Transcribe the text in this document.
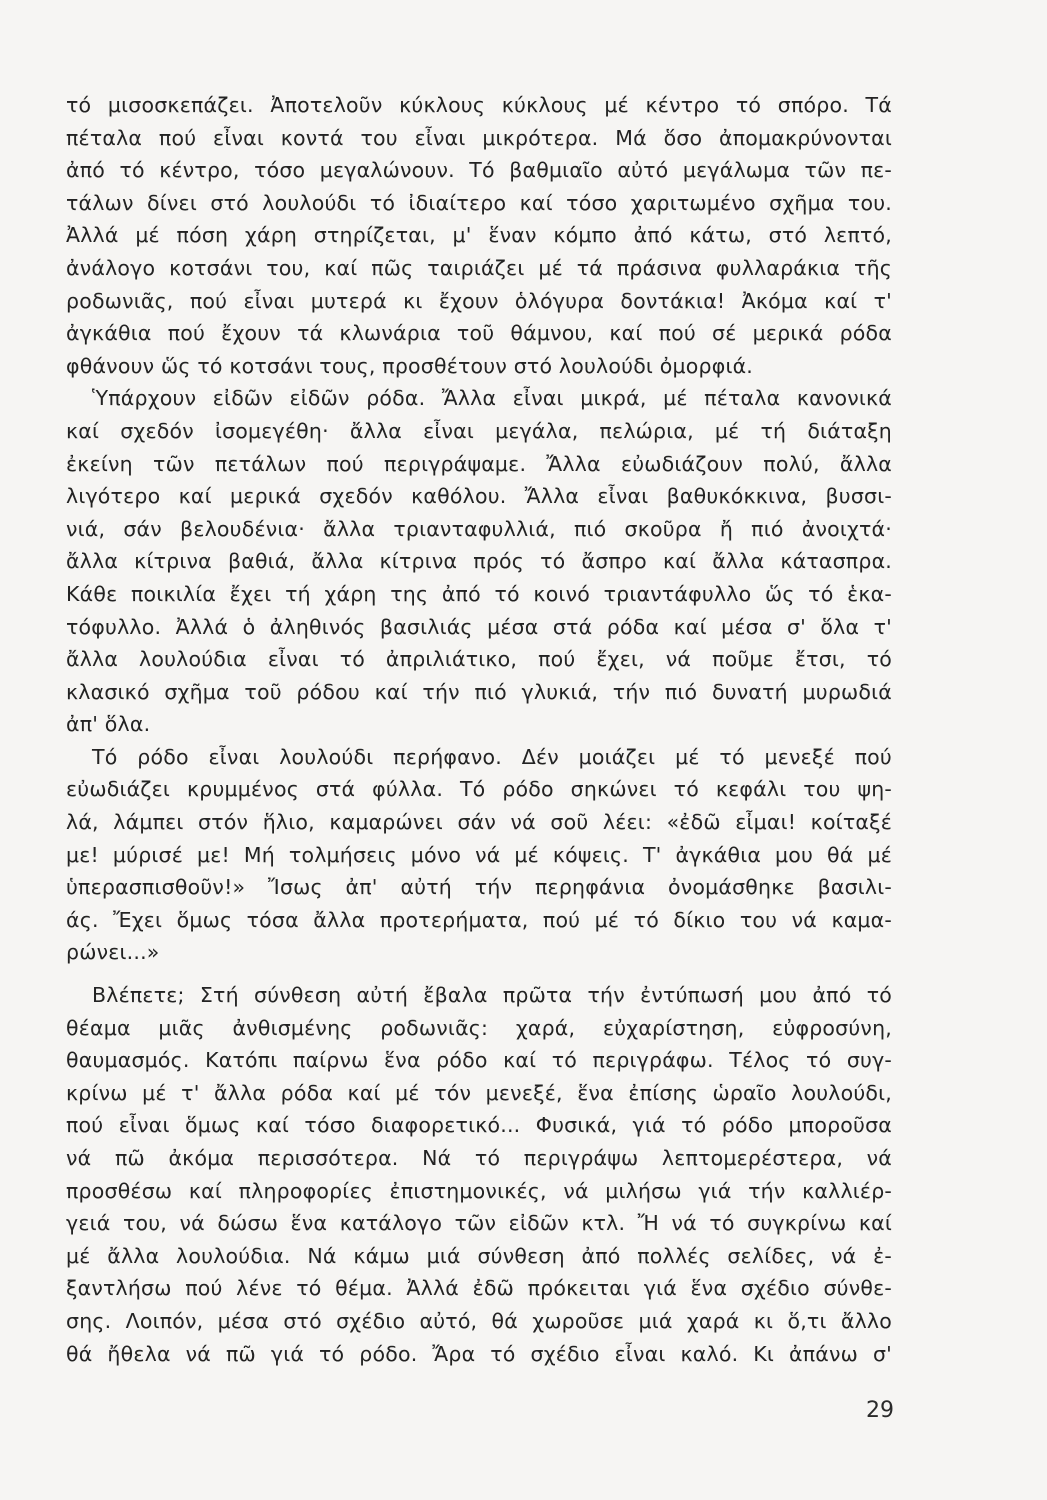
τό μισοσκεπάζει. Ἀποτελοῦν κύκλους κύκλους μέ κέντρο τό σπόρο. Τά
πέταλα πού εἶναι κοντά του εἶναι μικρότερα. Μά ὅσο ἀπομακρύνονται
ἀπό τό κέντρο, τόσο μεγαλώνουν. Τό βαθμιαῖο αὐτό μεγάλωμα τῶν πε-
τάλων δίνει στό λουλούδι τό ἰδιαίτερο καί τόσο χαριτωμένο σχῆμα του.
Ἀλλά μέ πόση χάρη στηρίζεται, μ' ἕναν κόμπο ἀπό κάτω, στό λεπτό,
ἀνάλογο κοτσάνι του, καί πῶς ταιριάζει μέ τά πράσινα φυλλαράκια τῆς
ροδωνιᾶς, πού εἶναι μυτερά κι ἔχουν ὁλόγυρα δοντάκια! Ἀκόμα καί τ'
ἀγκάθια πού ἔχουν τά κλωνάρια τοῦ θάμνου, καί πού σέ μερικά ρόδα
φθάνουν ὥς τό κοτσάνι τους, προσθέτουν στό λουλούδι ὀμορφιά.
Ὑπάρχουν εἰδῶν εἰδῶν ρόδα. Ἄλλα εἶναι μικρά, μέ πέταλα κανονικά
καί σχεδόν ἰσομεγέθη· ἄλλα εἶναι μεγάλα, πελώρια, μέ τή διάταξη
ἐκείνη τῶν πετάλων πού περιγράψαμε. Ἄλλα εὐωδιάζουν πολύ, ἄλλα
λιγότερο καί μερικά σχεδόν καθόλου. Ἄλλα εἶναι βαθυκόκκινα, βυσσι-
νιά, σάν βελουδένια· ἄλλα τριανταφυλλιά, πιό σκοῦρα ἤ πιό ἀνοιχτά·
ἄλλα κίτρινα βαθιά, ἄλλα κίτρινα πρός τό ἄσπρο καί ἄλλα κάτασπρα.
Κάθε ποικιλία ἔχει τή χάρη της ἀπό τό κοινό τριαντάφυλλο ὥς τό ἑκα-
τόφυλλο. Ἀλλά ὁ ἀληθινός βασιλιάς μέσα στά ρόδα καί μέσα σ' ὅλα τ'
ἄλλα λουλούδια εἶναι τό ἀπριλιάτικο, πού ἔχει, νά ποῦμε ἔτσι, τό
κλασικό σχῆμα τοῦ ρόδου καί τήν πιό γλυκιά, τήν πιό δυνατή μυρωδιά
ἀπ' ὅλα.
Τό ρόδο εἶναι λουλούδι περήφανο. Δέν μοιάζει μέ τό μενεξέ πού
εὐωδιάζει κρυμμένος στά φύλλα. Τό ρόδο σηκώνει τό κεφάλι του ψη-
λά, λάμπει στόν ἥλιο, καμαρώνει σάν νά σοῦ λέει: «ἐδῶ εἶμαι! κοίταξέ
με! μύρισέ με! Μή τολμήσεις μόνο νά μέ κόψεις. Τ' ἀγκάθια μου θά μέ
ὑπερασπισθοῦν!» Ἴσως ἀπ' αὐτή τήν περηφάνια ὀνομάσθηκε βασιλι-
άς. Ἔχει ὅμως τόσα ἄλλα προτερήματα, πού μέ τό δίκιο του νά καμα-
ρώνει...»
Βλέπετε; Στή σύνθεση αὐτή ἔβαλα πρῶτα τήν ἐντύπωσή μου ἀπό τό
θέαμα μιᾶς ἀνθισμένης ροδωνιᾶς: χαρά, εὐχαρίστηση, εὐφροσύνη,
θαυμασμός. Κατόπι παίρνω ἕνα ρόδο καί τό περιγράφω. Τέλος τό συγ-
κρίνω μέ τ' ἄλλα ρόδα καί μέ τόν μενεξέ, ἕνα ἐπίσης ὡραῖο λουλούδι,
πού εἶναι ὅμως καί τόσο διαφορετικό... Φυσικά, γιά τό ρόδο μποροῦσα
νά πῶ ἀκόμα περισσότερα. Νά τό περιγράψω λεπτομερέστερα, νά
προσθέσω καί πληροφορίες ἐπιστημονικές, νά μιλήσω γιά τήν καλλιέρ-
γειά του, νά δώσω ἕνα κατάλογο τῶν εἰδῶν κτλ. Ἤ νά τό συγκρίνω καί
μέ ἄλλα λουλούδια. Νά κάμω μιά σύνθεση ἀπό πολλές σελίδες, νά ἐ-
ξαντλήσω πού λένε τό θέμα. Ἀλλά ἐδῶ πρόκειται γιά ἕνα σχέδιο σύνθε-
σης. Λοιπόν, μέσα στό σχέδιο αὐτό, θά χωροῦσε μιά χαρά κι ὅ,τι ἄλλο
θά ἤθελα νά πῶ γιά τό ρόδο. Ἄρα τό σχέδιο εἶναι καλό. Κι ἀπάνω σ'
29
